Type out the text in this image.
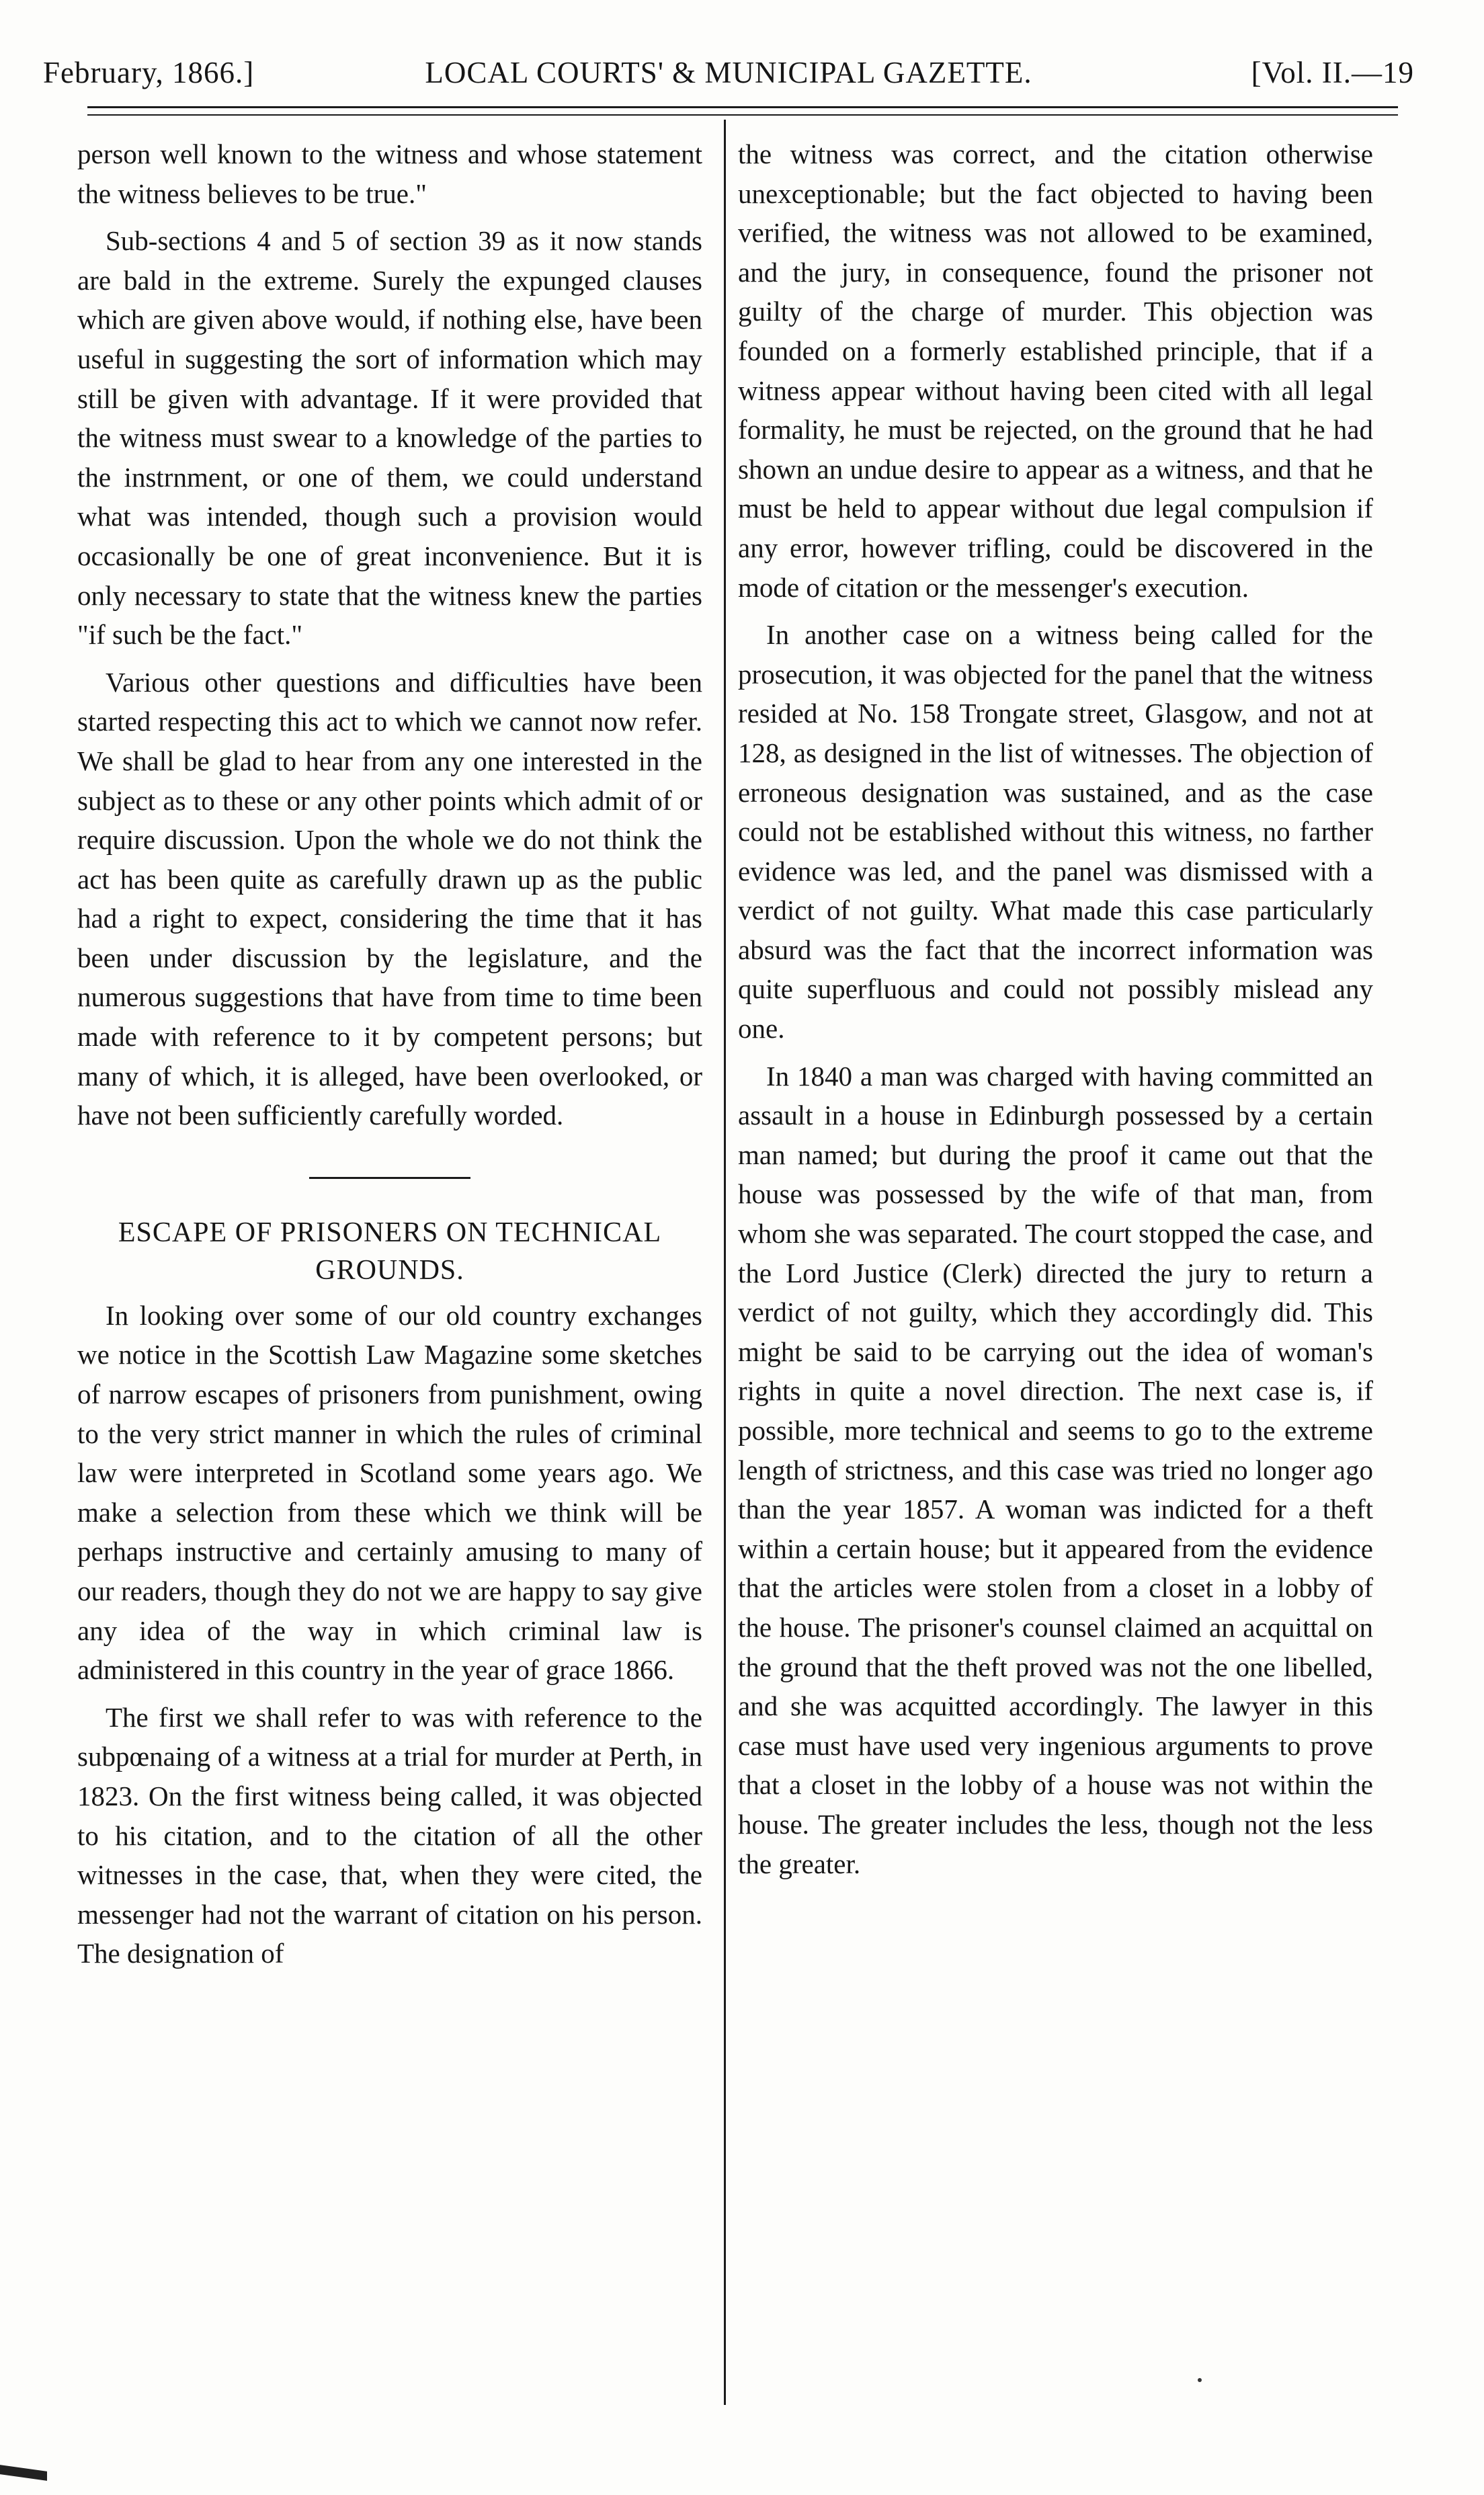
February, 1866.]	LOCAL COURTS' & MUNICIPAL GAZETTE.	[Vol. II.—19

person well known to the witness and whose statement the witness believes to be true."

Sub-sections 4 and 5 of section 39 as it now stands are bald in the extreme. Surely the expunged clauses which are given above would, if nothing else, have been useful in suggesting the sort of information which may still be given with advantage. If it were provided that the witness must swear to a knowledge of the parties to the instrnment, or one of them, we could understand what was intended, though such a provision would occasionally be one of great inconvenience. But it is only necessary to state that the witness knew the parties "if such be the fact."

Various other questions and difficulties have been started respecting this act to which we cannot now refer. We shall be glad to hear from any one interested in the subject as to these or any other points which admit of or require discussion. Upon the whole we do not think the act has been quite as carefully drawn up as the public had a right to expect, considering the time that it has been under discussion by the legislature, and the numerous suggestions that have from time to time been made with reference to it by competent persons; but many of which, it is alleged, have been overlooked, or have not been sufficiently carefully worded.

ESCAPE OF PRISONERS ON TECHNICAL GROUNDS.

In looking over some of our old country exchanges we notice in the Scottish Law Magazine some sketches of narrow escapes of prisoners from punishment, owing to the very strict manner in which the rules of criminal law were interpreted in Scotland some years ago. We make a selection from these which we think will be perhaps instructive and certainly amusing to many of our readers, though they do not we are happy to say give any idea of the way in which criminal law is administered in this country in the year of grace 1866.

The first we shall refer to was with reference to the subpœnaing of a witness at a trial for murder at Perth, in 1823. On the first witness being called, it was objected to his citation, and to the citation of all the other witnesses in the case, that, when they were cited, the messenger had not the warrant of citation on his person. The designation of

the witness was correct, and the citation otherwise unexceptionable; but the fact objected to having been verified, the witness was not allowed to be examined, and the jury, in consequence, found the prisoner not guilty of the charge of murder. This objection was founded on a formerly established principle, that if a witness appear without having been cited with all legal formality, he must be rejected, on the ground that he had shown an undue desire to appear as a witness, and that he must be held to appear without due legal compulsion if any error, however trifling, could be discovered in the mode of citation or the messenger's execution.

In another case on a witness being called for the prosecution, it was objected for the panel that the witness resided at No. 158 Trongate street, Glasgow, and not at 128, as designed in the list of witnesses. The objection of erroneous designation was sustained, and as the case could not be established without this witness, no farther evidence was led, and the panel was dismissed with a verdict of not guilty. What made this case particularly absurd was the fact that the incorrect information was quite superfluous and could not possibly mislead any one.

In 1840 a man was charged with having committed an assault in a house in Edinburgh possessed by a certain man named; but during the proof it came out that the house was possessed by the wife of that man, from whom she was separated. The court stopped the case, and the Lord Justice (Clerk) directed the jury to return a verdict of not guilty, which they accordingly did. This might be said to be carrying out the idea of woman's rights in quite a novel direction. The next case is, if possible, more technical and seems to go to the extreme length of strictness, and this case was tried no longer ago than the year 1857. A woman was indicted for a theft within a certain house; but it appeared from the evidence that the articles were stolen from a closet in a lobby of the house. The prisoner's counsel claimed an acquittal on the ground that the theft proved was not the one libelled, and she was acquitted accordingly. The lawyer in this case must have used very ingenious arguments to prove that a closet in the lobby of a house was not within the house. The greater includes the less, though not the less the greater.
